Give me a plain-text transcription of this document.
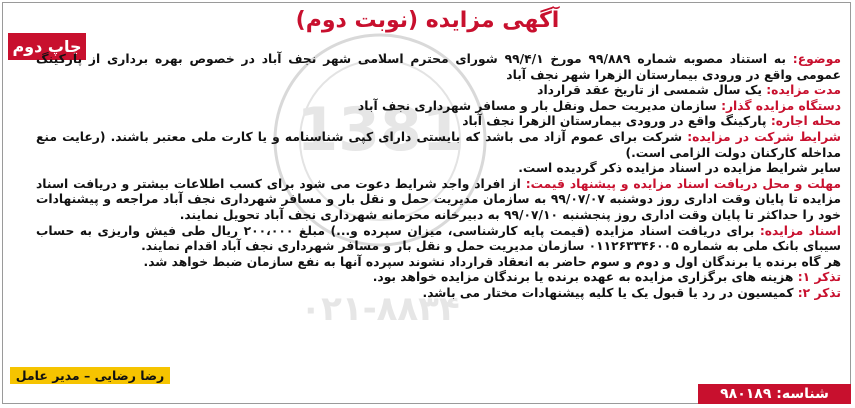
1381
۰۲۱-۸۸۳۴
آگهی مزایده (نوبت دوم)
چاپ دوم

موضوع: به استناد مصوبه شماره ۹۹/۸۸۹ مورخ ۹۹/۴/۱ شورای محترم اسلامی شهر نجف آباد در خصوص بهره برداری از پارکینگ عمومی واقع در ورودی بیمارستان الزهرا شهر نجف آباد

مدت مزایده: یک سال شمسی از تاریخ عقد قرارداد

دستگاه مزایده گذار: سازمان مدیریت حمل ونقل بار و مسافر شهرداری نجف آباد

محله اجاره: پارکینگ واقع در ورودی بیمارستان الزهرا نجف آباد

شرایط شرکت در مزایده: شرکت برای عموم آزاد می باشد که بایستی دارای کپی شناسنامه و یا کارت ملی معتبر باشند. (رعایت منع مداخله کارکنان دولت الزامی است.)

سایر شرایط مزایده در اسناد مزایده ذکر گردیده است.

مهلت و محل دریافت اسناد مزایده و پیشنهاد قیمت: از افراد واجد شرایط دعوت می شود برای کسب اطلاعات بیشتر و دریافت اسناد مزایده تا پایان وقت اداری روز دوشنبه ۹۹/۰۷/۰۷ به سازمان مدیریت حمل و نقل بار و مسافر شهرداری نجف آباد مراجعه و پیشنهادات خود را حداکثر تا پایان وقت اداری روز پنجشنبه ۹۹/۰۷/۱۰ به دبیرخانه محرمانه شهرداری نجف آباد تحویل نمایند.

اسناد مزایده: برای دریافت اسناد مزایده (قیمت پایه کارشناسی، میزان سپرده و...) مبلغ ۲۰۰،۰۰۰ ریال طی فیش واریزی به حساب سیبای بانک ملی به شماره ۰۱۱۲۶۳۳۴۶۰۰۵ سازمان مدیریت حمل و نقل بار و مسافر شهرداری نجف آباد اقدام نمایند.

هر گاه برنده یا برندگان اول و دوم و سوم حاضر به انعقاد قرارداد نشوند سپرده آنها به نفع سازمان ضبط خواهد شد.

تذکر ۱: هزینه های برگزاری مزایده به عهده برنده یا برندگان مزایده خواهد بود.

تذکر ۲: کمیسیون در رد یا قبول یک یا کلیه پیشنهادات مختار می باشد.

رضا رضایی – مدیر عامل
شناسه: ۹۸۰۱۸۹
